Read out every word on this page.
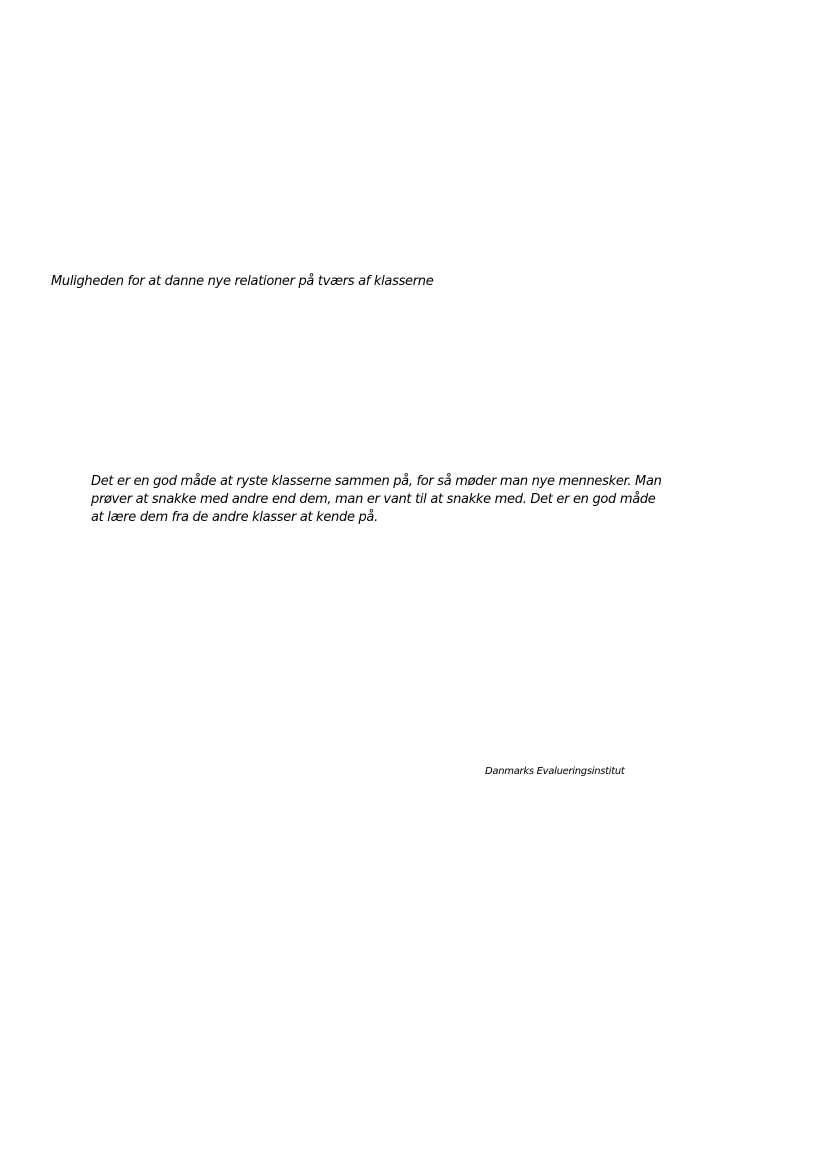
Muligheden for at danne nye relationer på tværs af klasserne
Det er en god måde at ryste klasserne sammen på, for så møder man nye mennesker. Man
prøver at snakke med andre end dem, man er vant til at snakke med. Det er en god måde
at lære dem fra de andre klasser at kende på.
Danmarks Evalueringsinstitut
